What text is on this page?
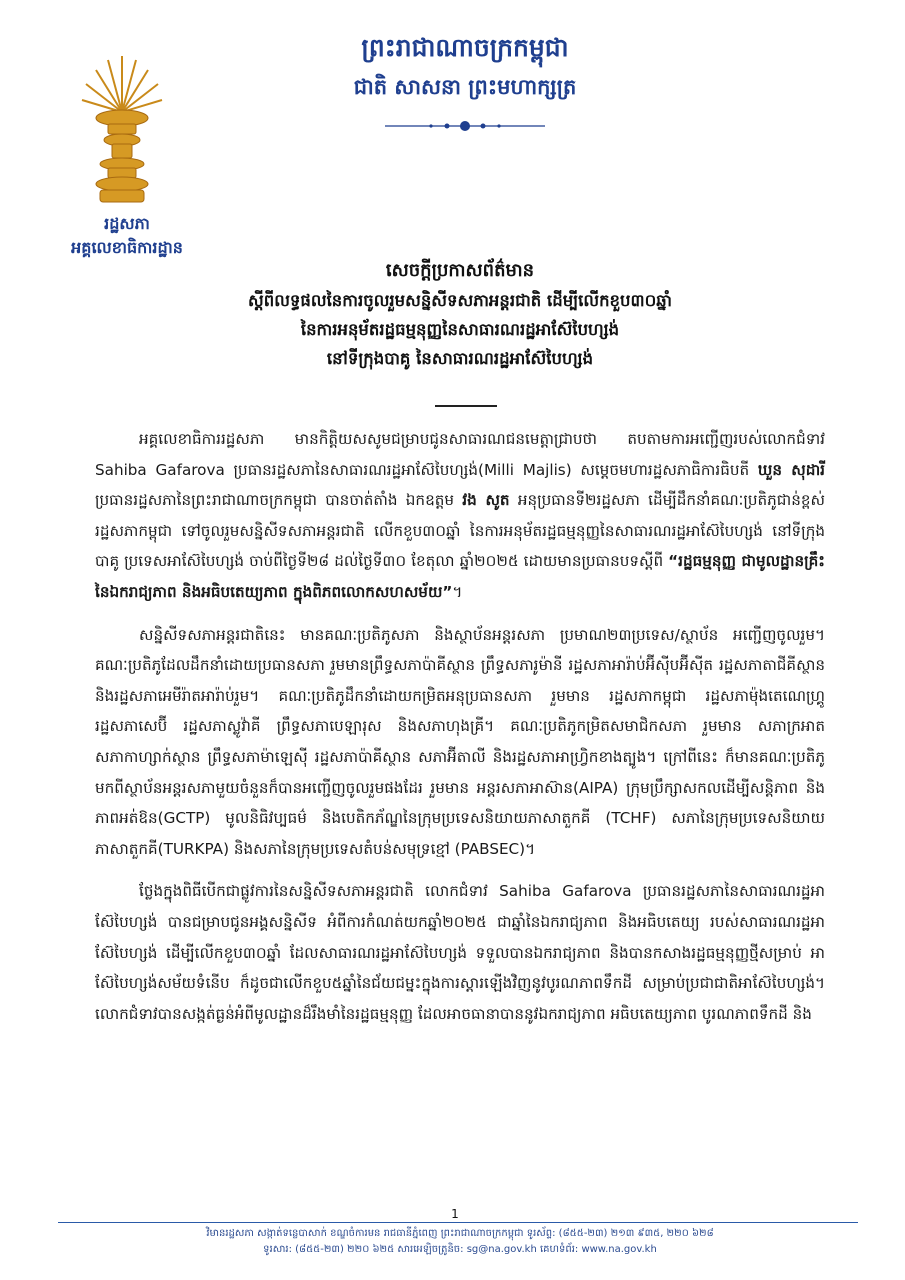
រដ្ឋសភា
អគ្គលេខាធិការដ្ឋាន
ព្រះរាជាណាចក្រកម្ពុជា
ជាតិ សាសនា ព្រះមហាក្សត្រ
សេចក្ដីប្រកាសព័ត៌មាន
ស្ដីពីលទ្ធផលនៃការចូលរួមសន្និសីទសភាអន្តរជាតិ ដើម្បីលើកខួប៣០ឆ្នាំ
នៃការអនុម័តរដ្ឋធម្មនុញ្ញនៃសាធារណរដ្ឋអាស៊ែបៃហ្សង់
នៅទីក្រុងបាគូ នៃសាធារណរដ្ឋអាស៊ែបៃហ្សង់

អគ្គលេខាធិការរដ្ឋសភា មានកិត្តិយសសូមជម្រាបជូនសាធារណជនមេត្តាជ្រាបថា តបតាមការអញ្ជើញរបស់លោកជំទាវ Sahiba Gafarova ប្រធានរដ្ឋសភានៃសាធារណរដ្ឋអាស៊ែបៃហ្សង់(Milli Majlis) សម្ដេចមហារដ្ឋសភាធិការធិបតី ឃួន សុដារី ប្រធានរដ្ឋសភានៃព្រះរាជាណាចក្រកម្ពុជា បានចាត់តាំង ឯកឧត្តម វង សូត អនុប្រធានទី២រដ្ឋសភា ដើម្បីដឹកនាំគណៈប្រតិភូជាន់ខ្ពស់រដ្ឋសភាកម្ពុជា ទៅចូលរួមសន្និសីទសភាអន្តរជាតិ លើកខួប៣០ឆ្នាំ នៃការអនុម័តរដ្ឋធម្មនុញ្ញនៃសាធារណរដ្ឋអាស៊ែបៃហ្សង់ នៅទីក្រុងបាគូ ប្រទេសអាស៊ែបៃហ្សង់ ចាប់ពីថ្ងៃទី២៨ ដល់ថ្ងៃទី៣០ ខែតុលា ឆ្នាំ២០២៥ ដោយមានប្រធានបទស្ដីពី “រដ្ឋធម្មនុញ្ញ ជាមូលដ្ឋានគ្រឹះនៃឯករាជ្យភាព និងអធិបតេយ្យភាព ក្នុងពិភពលោកសហសម័យ”។

សន្និសីទសភាអន្តរជាតិនេះ មានគណៈប្រតិភូសភា និងស្ថាប័នអន្តរសភា ប្រមាណ២៣ប្រទេស/ស្ថាប័ន អញ្ជើញចូលរួម។ គណៈប្រតិភូដែលដឹកនាំដោយប្រធានសភា រួមមានព្រឹទ្ធសភាប៉ាគីស្ថាន ព្រឹទ្ធសភារូម៉ានី រដ្ឋសភាអារ៉ាប់អ៊ីស៊ីបអ៊ីស៊ីត រដ្ឋសភាតាជីគីស្ថាន និងរដ្ឋសភាអេមីរ៉ាតអារ៉ាប់រួម។ គណៈប្រតិភូដឹកនាំដោយកម្រិតអនុប្រធានសភា រួមមាន រដ្ឋសភាកម្ពុជា រដ្ឋសភាម៉ុងតេណេហ្គ្រូ រដ្ឋសភាសេប៊ី រដ្ឋសភាស្លូវ៉ាគី ព្រឹទ្ធសភាបេឡារុស និងសភាហុងគ្រី។ គណៈប្រតិភូកម្រិតសមាជិកសភា រួមមាន សភាក្រអាត សភាកាហ្សាក់ស្ថាន ព្រឹទ្ធសភាម៉ាឡេស៊ី រដ្ឋសភាប៉ាគីស្ថាន សភាអ៊ីតាលី និងរដ្ឋសភាអាហ្វ្រិកខាងត្បូង។ ក្រៅពីនេះ ក៏មានគណៈប្រតិភូមកពីស្ថាប័នអន្តរសភាមួយចំនួនក៏បានអញ្ជើញចូលរួមផងដែរ រួមមាន អន្តរសភាអាស៊ាន(AIPA) ក្រុមប្រឹក្សាសកលដើម្បីសន្តិភាព និងភាពអត់ឱន(GCTP) មូលនិធិវប្បធម៌ និងបេតិកភ័ណ្ឌនៃក្រុមប្រទេសនិយាយភាសាតួកគី (TCHF) សភានៃក្រុមប្រទេសនិយាយភាសាតួកគី(TURKPA) និងសភានៃក្រុមប្រទេសតំបន់សមុទ្រខ្មៅ (PABSEC)។

ថ្លែងក្នុងពិធីបើកជាផ្លូវការនៃសន្និសីទសភាអន្តរជាតិ លោកជំទាវ Sahiba Gafarova ប្រធានរដ្ឋសភានៃសាធារណរដ្ឋអាស៊ែបៃហ្សង់ បានជម្រាបជូនអង្គសន្និសីទ អំពីការកំណត់យកឆ្នាំ២០២៥ ជាឆ្នាំនៃឯករាជ្យភាព និងអធិបតេយ្យ របស់សាធារណរដ្ឋអាស៊ែបៃហ្សង់ ដើម្បីលើកខួប៣០ឆ្នាំ ដែលសាធារណរដ្ឋអាស៊ែបៃហ្សង់ ទទួលបានឯករាជ្យភាព និងបានកសាងរដ្ឋធម្មនុញ្ញថ្មីសម្រាប់ អាស៊ែបៃហ្សង់សម័យទំនើប ក៏ដូចជាលើកខួប៥ឆ្នាំនៃជ័យជម្នះក្នុងការស្ដារឡើងវិញនូវបូរណភាពទឹកដី សម្រាប់ប្រជាជាតិអាស៊ែបៃហ្សង់។ លោកជំទាវបានសង្កត់ធ្ងន់អំពីមូលដ្ឋានដ៏រឹងមាំនៃរដ្ឋធម្មនុញ្ញ ដែលអាចធានាបាននូវឯករាជ្យភាព អធិបតេយ្យភាព បូរណភាពទឹកដី និង

1
វិមានរដ្ឋសភា សង្កាត់ទន្លេបាសាក់ ខណ្ឌចំការមន រាជធានីភ្នំពេញ ព្រះរាជាណាចក្រកម្ពុជា ទូរស័ព្ទ: (៨៥៥-២៣) ២១៣ ៩៣៥, ២២០ ៦២៨
ទូរសារ: (៨៥៥-២៣) ២២០ ៦២៥ សារអេឡិចត្រូនិច: sg@na.gov.kh គេហទំព័រ: www.na.gov.kh
